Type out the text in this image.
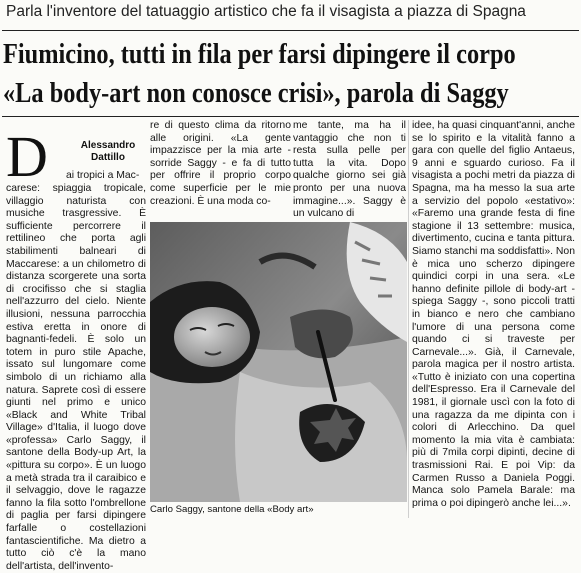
Parla l'inventore del tatuaggio artistico che fa il visagista a piazza di Spagna
Fiumicino, tutti in fila per farsi dipingere il corpo
«La body-art non conosce crisi», parola di Saggy
D	Alessandro Dattillo
ai tropici a Mac-
carese: spiaggia tropicale, villaggio naturista con musiche trasgressive. È sufficiente percorrere il rettilineo che porta agli stabilimenti balneari di Maccarese: a un chilometro di distanza scorgerete una sorta di crocifisso che si staglia nell'azzurro del cielo. Niente illusioni, nessuna parrocchia estiva eretta in onore di bagnanti-fedeli. È solo un totem in puro stile Apache, issato sul lungomare come simbolo di un richiamo alla natura. Saprete così di essere giunti nel primo e unico «Black and White Tribal Village» d'Italia, il luogo dove «professa» Carlo Saggy, il santone della Body-up Art, la «pittura su corpo». È un luogo a metà strada tra il caraibico e il selvaggio, dove le ragazze fanno la fila sotto l'ombrellone di paglia per farsi dipingere farfalle o costellazioni fantascientifiche. Ma dietro a tutto ciò c'è la mano dell'artista, dell'invento-
re di questo clima da ritorno alle origini. «La gente impazzisce per la mia arte - sorride Saggy - e fa di tutto per offrire il proprio corpo come superficie per le mie creazioni. È una moda co-
me tante, ma ha il vantaggio che non ti resta sulla pelle per tutta la vita. Dopo qualche giorno sei già pronto per una nuova immagine...». Saggy è un vulcano di
idee, ha quasi cinquant'anni, anche se lo spirito e la vitalità fanno a gara con quelle del figlio Antaeus, 9 anni e sguardo curioso. Fa il visagista a pochi metri da piazza di Spagna, ma ha messo la sua arte a servizio del popolo «estativo»: «Faremo una grande festa di fine stagione il 13 settembre: musica, divertimento, cucina e tanta pittura. Siamo stanchi ma soddisfatti». Non è mica uno scherzo dipingere quindici corpi in una sera. «Le hanno definite pillole di body-art - spiega Saggy -, sono piccoli tratti in bianco e nero che cambiano l'umore di una persona come quando ci si traveste per Carnevale...». Già, il Carnevale, parola magica per il nostro artista. «Tutto è iniziato con una copertina dell'Espresso. Era il Carnevale del 1981, il giornale uscì con la foto di una ragazza da me dipinta con i colori di Arlecchino. Da quel momento la mia vita è cambiata: più di 7mila corpi dipinti, decine di trasmissioni Rai. E poi Vip: da Carmen Russo a Daniela Poggi. Manca solo Pamela Barale: ma prima o poi dipingerò anche lei...».
Carlo Saggy, santone della «Body art»
